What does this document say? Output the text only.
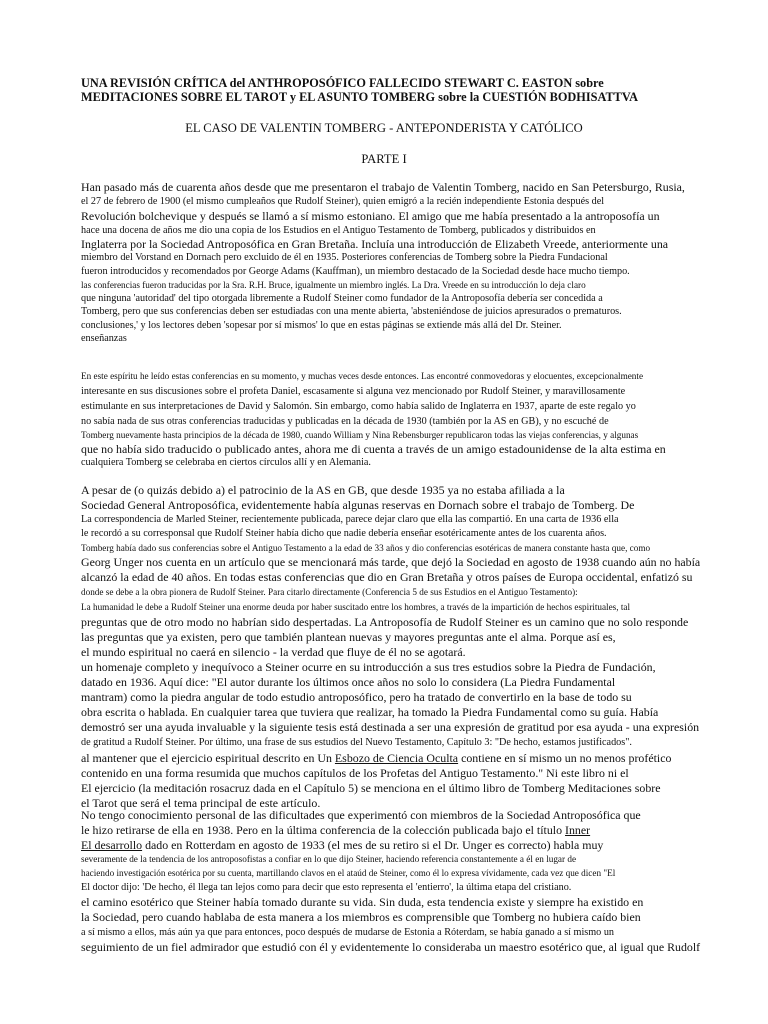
UNA REVISIÓN CRÍTICA del ANTHROPOSÓFICO FALLECIDO STEWART C. EASTON sobre
MEDITACIONES SOBRE EL TAROT y EL ASUNTO TOMBERG sobre la CUESTIÓN BODHISATTVA
EL CASO DE VALENTIN TOMBERG - ANTEPONDERISTA Y CATÓLICO
PARTE I
Han pasado más de cuarenta años desde que me presentaron el trabajo de Valentin Tomberg, nacido en San Petersburgo, Rusia,
el 27 de febrero de 1900 (el mismo cumpleaños que Rudolf Steiner), quien emigró a la recién independiente Estonia después del
Revolución bolchevique y después se llamó a sí mismo estoniano. El amigo que me había presentado a la antroposofía un
hace una docena de años me dio una copia de los Estudios en el Antiguo Testamento de Tomberg, publicados y distribuidos en
Inglaterra por la Sociedad Antroposófica en Gran Bretaña. Incluía una introducción de Elizabeth Vreede, anteriormente una
miembro del Vorstand en Dornach pero excluido de él en 1935. Posteriores conferencias de Tomberg sobre la Piedra Fundacional
fueron introducidos y recomendados por George Adams (Kauffman), un miembro destacado de la Sociedad desde hace mucho tiempo.
las conferencias fueron traducidas por la Sra. R.H. Bruce, igualmente un miembro inglés. La Dra. Vreede en su introducción lo deja claro
que ninguna 'autoridad' del tipo otorgada libremente a Rudolf Steiner como fundador de la Antroposofía debería ser concedida a
Tomberg, pero que sus conferencias deben ser estudiadas con una mente abierta, 'absteniéndose de juicios apresurados o prematuros.
conclusiones,' y los lectores deben 'sopesar por sí mismos' lo que en estas páginas se extiende más allá del Dr. Steiner.
enseñanzas
En este espíritu he leído estas conferencias en su momento, y muchas veces desde entonces. Las encontré conmovedoras y elocuentes, excepcionalmente
interesante en sus discusiones sobre el profeta Daniel, escasamente si alguna vez mencionado por Rudolf Steiner, y maravillosamente
estimulante en sus interpretaciones de David y Salomón. Sin embargo, como había salido de Inglaterra en 1937, aparte de este regalo yo
no sabía nada de sus otras conferencias traducidas y publicadas en la década de 1930 (también por la AS en GB), y no escuché de
Tomberg nuevamente hasta principios de la década de 1980, cuando William y Nina Rebensburger republicaron todas las viejas conferencias, y algunas
que no había sido traducido o publicado antes, ahora me di cuenta a través de un amigo estadounidense de la alta estima en
cualquiera Tomberg se celebraba en ciertos círculos allí y en Alemania.
A pesar de (o quizás debido a) el patrocinio de la AS en GB, que desde 1935 ya no estaba afiliada a la
Sociedad General Antroposófica, evidentemente había algunas reservas en Dornach sobre el trabajo de Tomberg. De
La correspondencia de Marled Steiner, recientemente publicada, parece dejar claro que ella las compartió. En una carta de 1936 ella
le recordó a su corresponsal que Rudolf Steiner había dicho que nadie debería enseñar esotéricamente antes de los cuarenta años.
Tomberg había dado sus conferencias sobre el Antiguo Testamento a la edad de 33 años y dio conferencias esotéricas de manera constante hasta que, como
Georg Unger nos cuenta en un artículo que se mencionará más tarde, que dejó la Sociedad en agosto de 1938 cuando aún no había
alcanzó la edad de 40 años. En todas estas conferencias que dio en Gran Bretaña y otros países de Europa occidental, enfatizó su
donde se debe a la obra pionera de Rudolf Steiner. Para citarlo directamente (Conferencia 5 de sus Estudios en el Antiguo Testamento):
La humanidad le debe a Rudolf Steiner una enorme deuda por haber suscitado entre los hombres, a través de la impartición de hechos espirituales, tal
preguntas que de otro modo no habrían sido despertadas. La Antroposofía de Rudolf Steiner es un camino que no solo responde
las preguntas que ya existen, pero que también plantean nuevas y mayores preguntas ante el alma. Porque así es,
el mundo espiritual no caerá en silencio - la verdad que fluye de él no se agotará.
un homenaje completo y inequívoco a Steiner ocurre en su introducción a sus tres estudios sobre la Piedra de Fundación,
datado en 1936. Aquí dice: "El autor durante los últimos once años no solo lo considera (La Piedra Fundamental
mantram) como la piedra angular de todo estudio antroposófico, pero ha tratado de convertirlo en la base de todo su
obra escrita o hablada. En cualquier tarea que tuviera que realizar, ha tomado la Piedra Fundamental como su guía. Había
demostró ser una ayuda invaluable y la siguiente tesis está destinada a ser una expresión de gratitud por esa ayuda - una expresión
de gratitud a Rudolf Steiner. Por último, una frase de sus estudios del Nuevo Testamento, Capítulo 3: "De hecho, estamos justificados".
al mantener que el ejercicio espiritual descrito en Un Esbozo de Ciencia Oculta contiene en sí mismo un no menos profético
contenido en una forma resumida que muchos capítulos de los Profetas del Antiguo Testamento." Ni este libro ni el
El ejercicio (la meditación rosacruz dada en el Capítulo 5) se menciona en el último libro de Tomberg Meditaciones sobre
el Tarot que será el tema principal de este artículo.
No tengo conocimiento personal de las dificultades que experimentó con miembros de la Sociedad Antroposófica que
le hizo retirarse de ella en 1938. Pero en la última conferencia de la colección publicada bajo el título Inner
El desarrollo dado en Rotterdam en agosto de 1933 (el mes de su retiro si el Dr. Unger es correcto) habla muy
severamente de la tendencia de los antroposofistas a confiar en lo que dijo Steiner, haciendo referencia constantemente a él en lugar de
haciendo investigación esotérica por su cuenta, martillando clavos en el ataúd de Steiner, como él lo expresa vívidamente, cada vez que dicen "El
El doctor dijo: 'De hecho, él llega tan lejos como para decir que esto representa el 'entierro', la última etapa del cristiano.
el camino esotérico que Steiner había tomado durante su vida. Sin duda, esta tendencia existe y siempre ha existido en
la Sociedad, pero cuando hablaba de esta manera a los miembros es comprensible que Tomberg no hubiera caído bien
a sí mismo a ellos, más aún ya que para entonces, poco después de mudarse de Estonia a Róterdam, se había ganado a sí mismo un
seguimiento de un fiel admirador que estudió con él y evidentemente lo consideraba un maestro esotérico que, al igual que Rudolf
